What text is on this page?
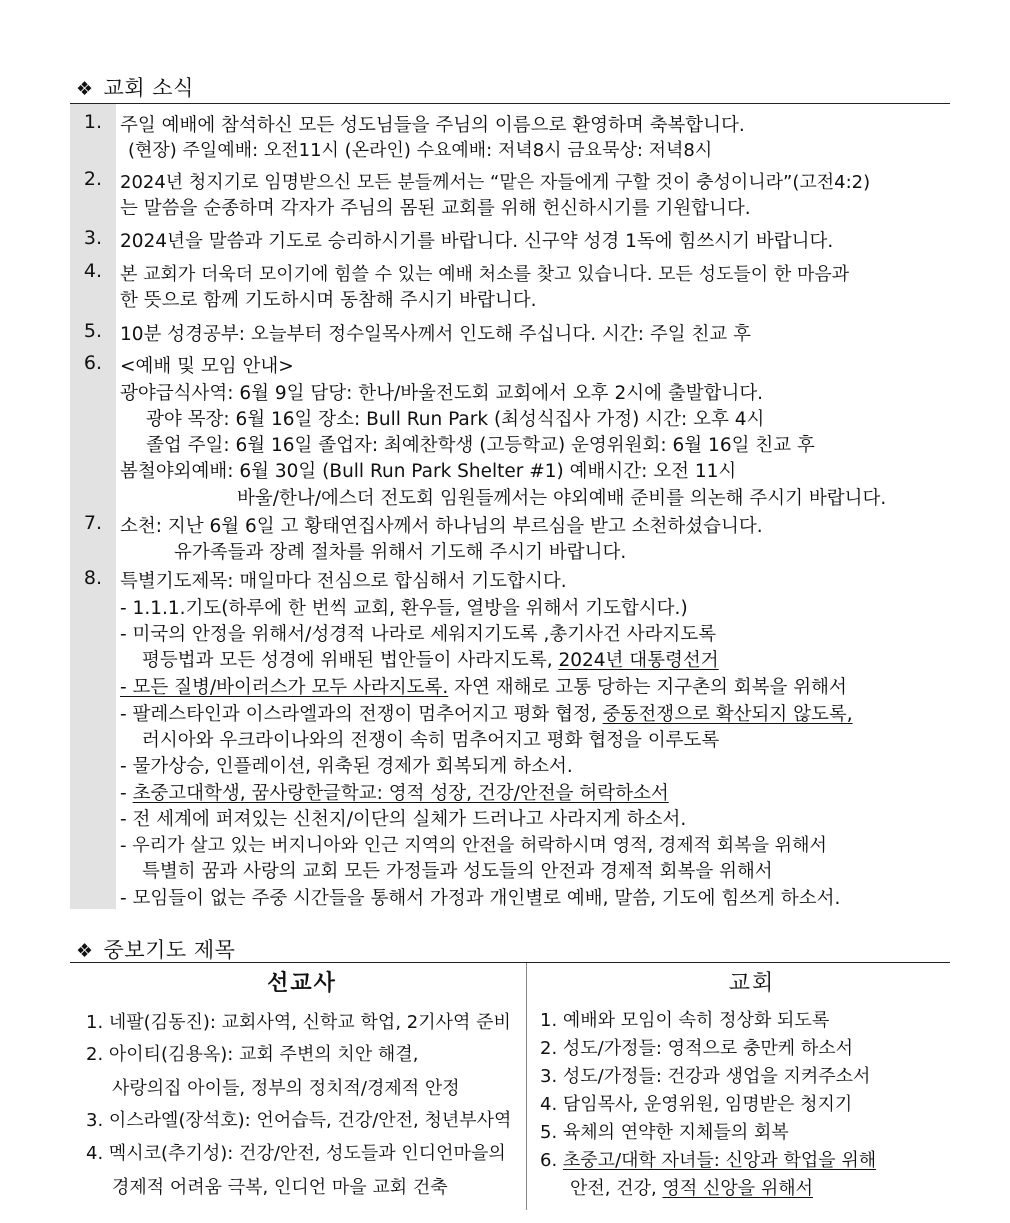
❖ 교회 소식
1. 주일 예배에 참석하신 모든 성도님들을 주님의 이름으로 환영하며 축복합니다.
(현장) 주일예배: 오전11시 (온라인) 수요예배: 저녁8시 금요묵상: 저녁8시
2. 2024년 청지기로 임명받으신 모든 분들께서는 “맡은 자들에게 구할 것이 충성이니라”(고전4:2)
는 말씀을 순종하며 각자가 주님의 몸된 교회를 위해 헌신하시기를 기원합니다.
3. 2024년을 말씀과 기도로 승리하시기를 바랍니다. 신구약 성경 1독에 힘쓰시기 바랍니다.
4. 본 교회가 더욱더 모이기에 힘쓸 수 있는 예배 처소를 찾고 있습니다. 모든 성도들이 한 마음과
한 뜻으로 함께 기도하시며 동참해 주시기 바랍니다.
5. 10분 성경공부: 오늘부터 정수일목사께서 인도해 주십니다. 시간: 주일 친교 후
6. <예배 및 모임 안내>
광야급식사역: 6월 9일 담당: 한나/바울전도회 교회에서 오후 2시에 출발합니다.
광야 목장: 6월 16일 장소: Bull Run Park (최성식집사 가정) 시간: 오후 4시
졸업 주일: 6월 16일 졸업자: 최예찬학생 (고등학교) 운영위원회: 6월 16일 친교 후
봄철야외예배: 6월 30일 (Bull Run Park Shelter #1) 예배시간: 오전 11시
바울/한나/에스더 전도회 임원들께서는 야외예배 준비를 의논해 주시기 바랍니다.
7. 소천: 지난 6월 6일 고 황태연집사께서 하나님의 부르심을 받고 소천하셨습니다.
유가족들과 장례 절차를 위해서 기도해 주시기 바랍니다.
8. 특별기도제목: 매일마다 전심으로 합심해서 기도합시다.
- 1.1.1.기도(하루에 한 번씩 교회, 환우들, 열방을 위해서 기도합시다.)
- 미국의 안정을 위해서/성경적 나라로 세워지기도록 ,총기사건 사라지도록
평등법과 모든 성경에 위배된 법안들이 사라지도록, 2024년 대통령선거
- 모든 질병/바이러스가 모두 사라지도록. 자연 재해로 고통 당하는 지구촌의 회복을 위해서
- 팔레스타인과 이스라엘과의 전쟁이 멈추어지고 평화 협정, 중동전쟁으로 확산되지 않도록,
러시아와 우크라이나와의 전쟁이 속히 멈추어지고 평화 협정을 이루도록
- 물가상승, 인플레이션, 위축된 경제가 회복되게 하소서.
- 초중고대학생, 꿈사랑한글학교: 영적 성장, 건강/안전을 허락하소서
- 전 세계에 퍼져있는 신천지/이단의 실체가 드러나고 사라지게 하소서.
- 우리가 살고 있는 버지니아와 인근 지역의 안전을 허락하시며 영적, 경제적 회복을 위해서
특별히 꿈과 사랑의 교회 모든 가정들과 성도들의 안전과 경제적 회복을 위해서
- 모임들이 없는 주중 시간들을 통해서 가정과 개인별로 예배, 말씀, 기도에 힘쓰게 하소서.
❖ 중보기도 제목
선교사	교회
1. 네팔(김동진): 교회사역, 신학교 학업, 2기사역 준비
2. 아이티(김용옥): 교회 주변의 치안 해결,
사랑의집 아이들, 정부의 정치적/경제적 안정
3. 이스라엘(장석호): 언어습득, 건강/안전, 청년부사역
4. 멕시코(추기성): 건강/안전, 성도들과 인디언마을의
경제적 어려움 극복, 인디언 마을 교회 건축
1. 예배와 모임이 속히 정상화 되도록
2. 성도/가정들: 영적으로 충만케 하소서
3. 성도/가정들: 건강과 생업을 지켜주소서
4. 담임목사, 운영위원, 임명받은 청지기
5. 육체의 연약한 지체들의 회복
6. 초중고/대학 자녀들: 신앙과 학업을 위해
안전, 건강, 영적 신앙을 위해서
